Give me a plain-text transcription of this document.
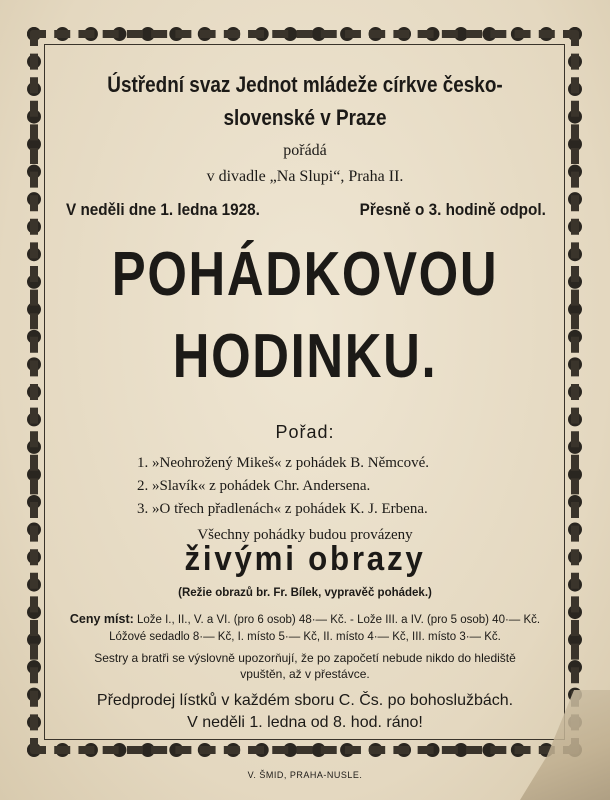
Ústřední svaz Jednot mládeže církve česko-
slovenské v Praze
pořádá
v divadle „Na Slupi“, Praha II.
V neděli dne 1. ledna 1928.	Přesně o 3. hodině odpol.
POHÁDKOVOU
HODINKU.
Pořad:
1. »Neohrožený Mikeš« z pohádek B. Němcové.
2. »Slavík« z pohádek Chr. Andersena.
3. »O třech přadlenách« z pohádek K. J. Erbena.
Všechny pohádky budou provázeny
živými obrazy
(Režie obrazů br. Fr. Bílek, vypravěč pohádek.)
Ceny míst: Lože I., II., V. a VI. (pro 6 osob) 48·— Kč. - Lože III. a IV. (pro 5 osob) 40·— Kč.
Lóžové sedadlo 8·— Kč, I. místo 5·— Kč, II. místo 4·— Kč, III. místo 3·— Kč.
Sestry a bratři se výslovně upozorňují, že po započetí nebude nikdo do hlediště vpuštěn, až v přestávce.
Předprodej lístků v každém sboru C. Čs. po bohoslužbách.
V neděli 1. ledna od 8. hod. ráno!
V. ŠMID, PRAHA-NUSLE.
